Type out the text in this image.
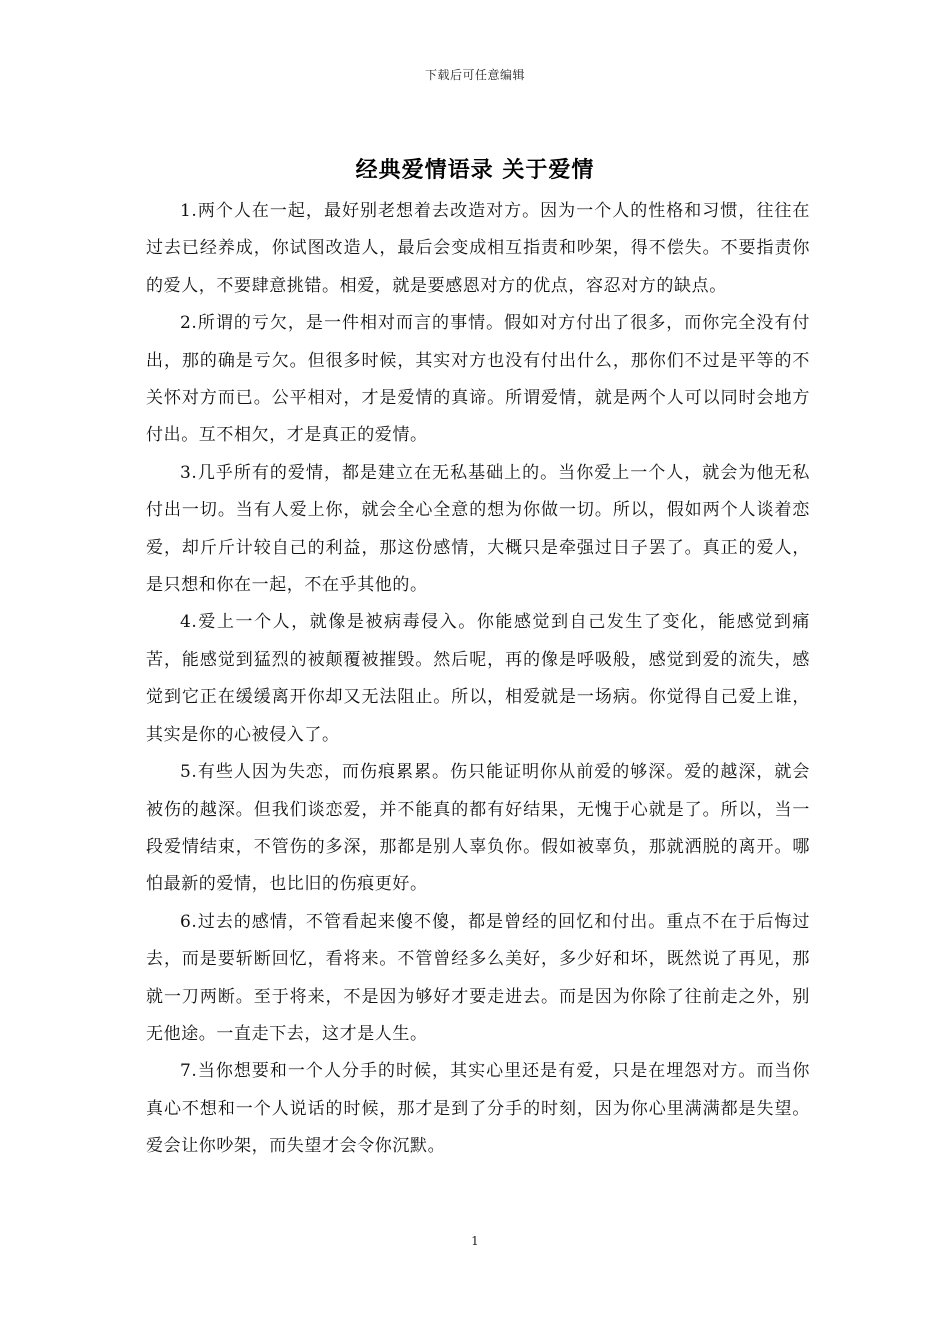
下载后可任意编辑
经典爱情语录 关于爱情

1.两个人在一起，最好别老想着去改造对方。因为一个人的性格和习惯，往往在过去已经养成，你试图改造人，最后会变成相互指责和吵架，得不偿失。不要指责你的爱人，不要肆意挑错。相爱，就是要感恩对方的优点，容忍对方的缺点。

2.所谓的亏欠，是一件相对而言的事情。假如对方付出了很多，而你完全没有付出，那的确是亏欠。但很多时候，其实对方也没有付出什么，那你们不过是平等的不关怀对方而已。公平相对，才是爱情的真谛。所谓爱情，就是两个人可以同时会地方付出。互不相欠，才是真正的爱情。

3.几乎所有的爱情，都是建立在无私基础上的。当你爱上一个人，就会为他无私付出一切。当有人爱上你，就会全心全意的想为你做一切。所以，假如两个人谈着恋爱，却斤斤计较自己的利益，那这份感情，大概只是牵强过日子罢了。真正的爱人，是只想和你在一起，不在乎其他的。

4.爱上一个人，就像是被病毒侵入。你能感觉到自己发生了变化，能感觉到痛苦，能感觉到猛烈的被颠覆被摧毁。然后呢，再的像是呼吸般，感觉到爱的流失，感觉到它正在缓缓离开你却又无法阻止。所以，相爱就是一场病。你觉得自己爱上谁，其实是你的心被侵入了。

5.有些人因为失恋，而伤痕累累。伤只能证明你从前爱的够深。爱的越深，就会被伤的越深。但我们谈恋爱，并不能真的都有好结果，无愧于心就是了。所以，当一段爱情结束，不管伤的多深，那都是别人辜负你。假如被辜负，那就洒脱的离开。哪怕最新的爱情，也比旧的伤痕更好。

6.过去的感情，不管看起来傻不傻，都是曾经的回忆和付出。重点不在于后悔过去，而是要斩断回忆，看将来。不管曾经多么美好，多少好和坏，既然说了再见，那就一刀两断。至于将来，不是因为够好才要走进去。而是因为你除了往前走之外，别无他途。一直走下去，这才是人生。

7.当你想要和一个人分手的时候，其实心里还是有爱，只是在埋怨对方。而当你真心不想和一个人说话的时候，那才是到了分手的时刻，因为你心里满满都是失望。爱会让你吵架，而失望才会令你沉默。

1
